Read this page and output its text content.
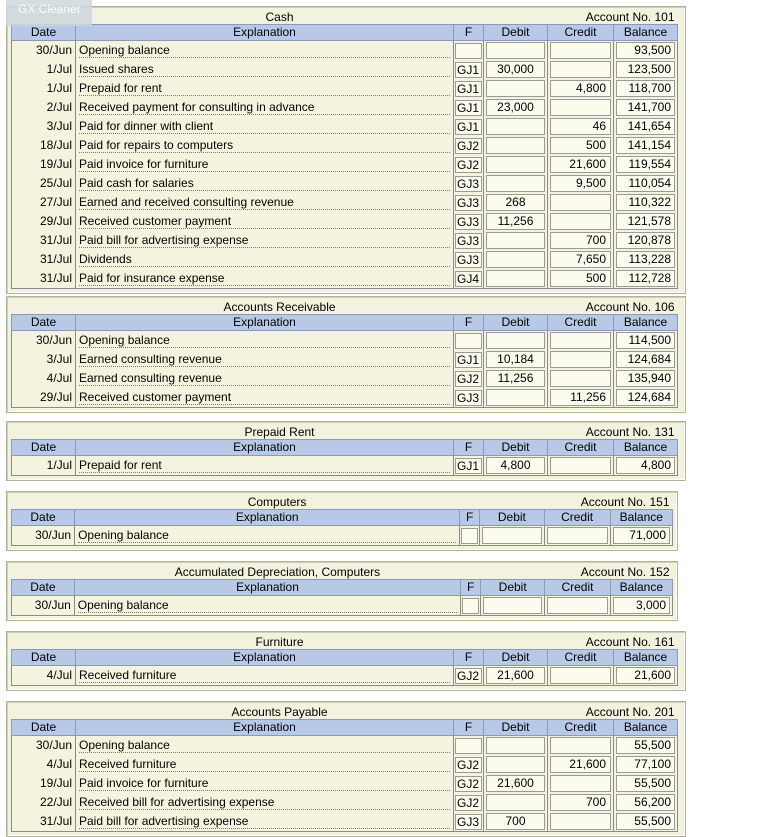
GX Cleaner
	Cash		Account No. 101		
Date	Explanation	F	Debit	Credit	Balance
30/Jun	Opening balance				93,500

1/Jul	Issued shares	GJ1	30,000		123,500

1/Jul	Prepaid for rent	GJ1		4,800	118,700

2/Jul	Received payment for consulting in advance	GJ1	23,000		141,700

3/Jul	Paid for dinner with client	GJ1		46	141,654

18/Jul	Paid for repairs to computers	GJ2		500	141,154

19/Jul	Paid invoice for furniture	GJ2		21,600	119,554

25/Jul	Paid cash for salaries	GJ3		9,500	110,054

27/Jul	Earned and received consulting revenue	GJ3	268		110,322

29/Jul	Received customer payment	GJ3	11,256		121,578

31/Jul	Paid bill for advertising expense	GJ3		700	120,878

31/Jul	Dividends	GJ3		7,650	113,228

31/Jul	Paid for insurance expense	GJ4		500	112,728
	Accounts Receivable		Account No. 106		
Date	Explanation	F	Debit	Credit	Balance
30/Jun	Opening balance				114,500

3/Jul	Earned consulting revenue	GJ1	10,184		124,684

4/Jul	Earned consulting revenue	GJ2	11,256		135,940

29/Jul	Received customer payment	GJ3		11,256	124,684
	Prepaid Rent		Account No. 131		
Date	Explanation	F	Debit	Credit	Balance
1/Jul	Prepaid for rent	GJ1	4,800		4,800
	Computers		Account No. 151		
Date	Explanation	F	Debit	Credit	Balance
30/Jun	Opening balance				71,000
	Accumulated Depreciation, Computers		Account No. 152		
Date	Explanation	F	Debit	Credit	Balance
30/Jun	Opening balance				3,000
	Furniture		Account No. 161		
Date	Explanation	F	Debit	Credit	Balance
4/Jul	Received furniture	GJ2	21,600		21,600
	Accounts Payable		Account No. 201		
Date	Explanation	F	Debit	Credit	Balance
30/Jun	Opening balance				55,500

4/Jul	Received furniture	GJ2		21,600	77,100

19/Jul	Paid invoice for furniture	GJ2	21,600		55,500

22/Jul	Received bill for advertising expense	GJ2		700	56,200

31/Jul	Paid bill for advertising expense	GJ3	700		55,500
